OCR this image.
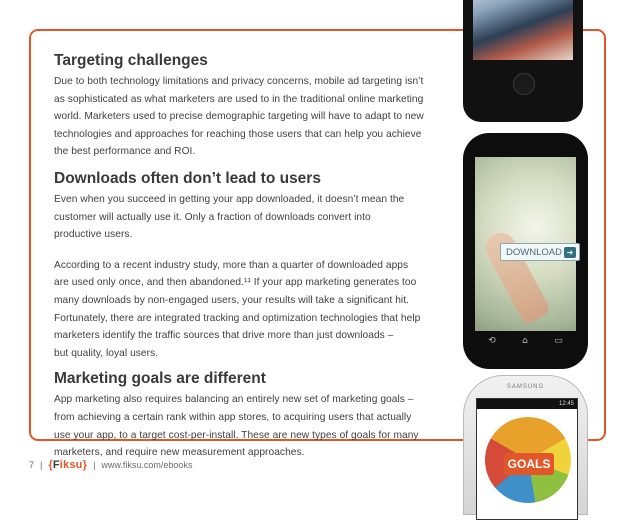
Targeting challenges

Due to both technology limitations and privacy concerns, mobile ad targeting isn’t
as sophisticated as what marketers are used to in the traditional online marketing
world. Marketers used to precise demographic targeting will have to adapt to new
technologies and approaches for reaching those users that can help you achieve
the best performance and ROI.

Downloads often don’t lead to users

Even when you succeed in getting your app downloaded, it doesn’t mean the
customer will actually use it. Only a fraction of downloads convert into
productive users.

According to a recent industry study, more than a quarter of downloaded apps
are used only once, and then abandoned.¹¹ If your app marketing generates too
many downloads by non-engaged users, your results will take a significant hit.
Fortunately, there are integrated tracking and optimization technologies that help
marketers identify the traffic sources that drive more than just downloads –
but quality, loyal users.

Marketing goals are different

App marketing also requires balancing an entirely new set of marketing goals –
from achieving a certain rank within app stores, to acquiring users that actually
use your app, to a target cost-per-install. These are new types of goals for many
marketers, and require new measurement approaches.

7 | {Fiksu} | www.fiksu.com/ebooks
DOWNLOAD ➜
⟲	⌂	▭
SAMSUNG
12:45
GOALS
